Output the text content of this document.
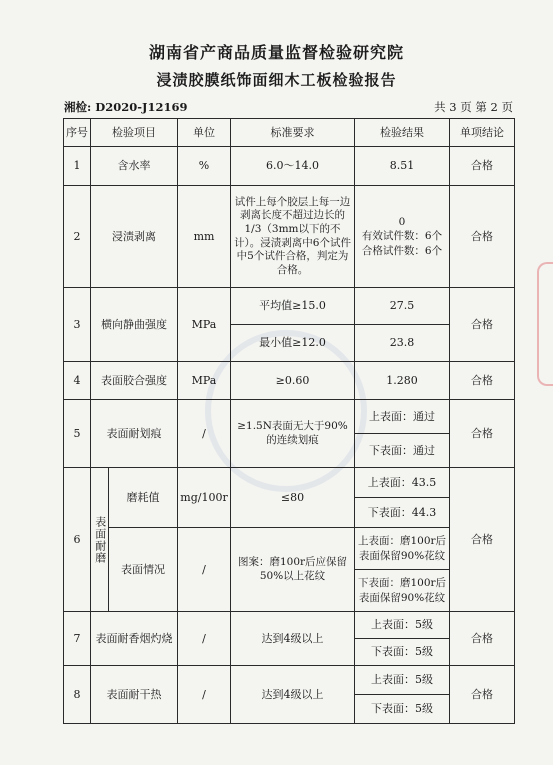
湖南省产商品质量监督检验研究院
浸渍胶膜纸饰面细木工板检验报告
湘检: D2020-J12169	共 3 页 第 2 页
序号	检验项目		单位	标准要求	检验结果	单项结论
1	含水率		%	6.0～14.0	8.51	合格
2	浸渍剥离		mm	试件上每个胶层上每一边剥离长度不超过边长的1/3（3mm以下的不计）。浸渍剥离中6个试件中5个试件合格，判定为合格。	0
有效试件数：6个
合格试件数：6个	合格
3	横向静曲强度		MPa	平均值≥15.0	27.5	合格
				最小值≥12.0	23.8	
4	表面胶合强度		MPa	≥0.60	1.280	合格
5	表面耐划痕		/	≥1.5N表面无大于90%的连续划痕	上表面：通过	合格
					下表面：通过	
6	表面耐磨	磨耗值	mg/100r	≤80	上表面：43.5	合格
					下表面：44.3	
		表面情况	/	图案：磨100r后应保留50%以上花纹	上表面：磨100r后表面保留90%花纹	
					下表面：磨100r后表面保留90%花纹	
7	表面耐香烟灼烧		/	达到4级以上	上表面：5级	合格
					下表面：5级	
8	表面耐干热		/	达到4级以上	上表面：5级	合格
					下表面：5级	
